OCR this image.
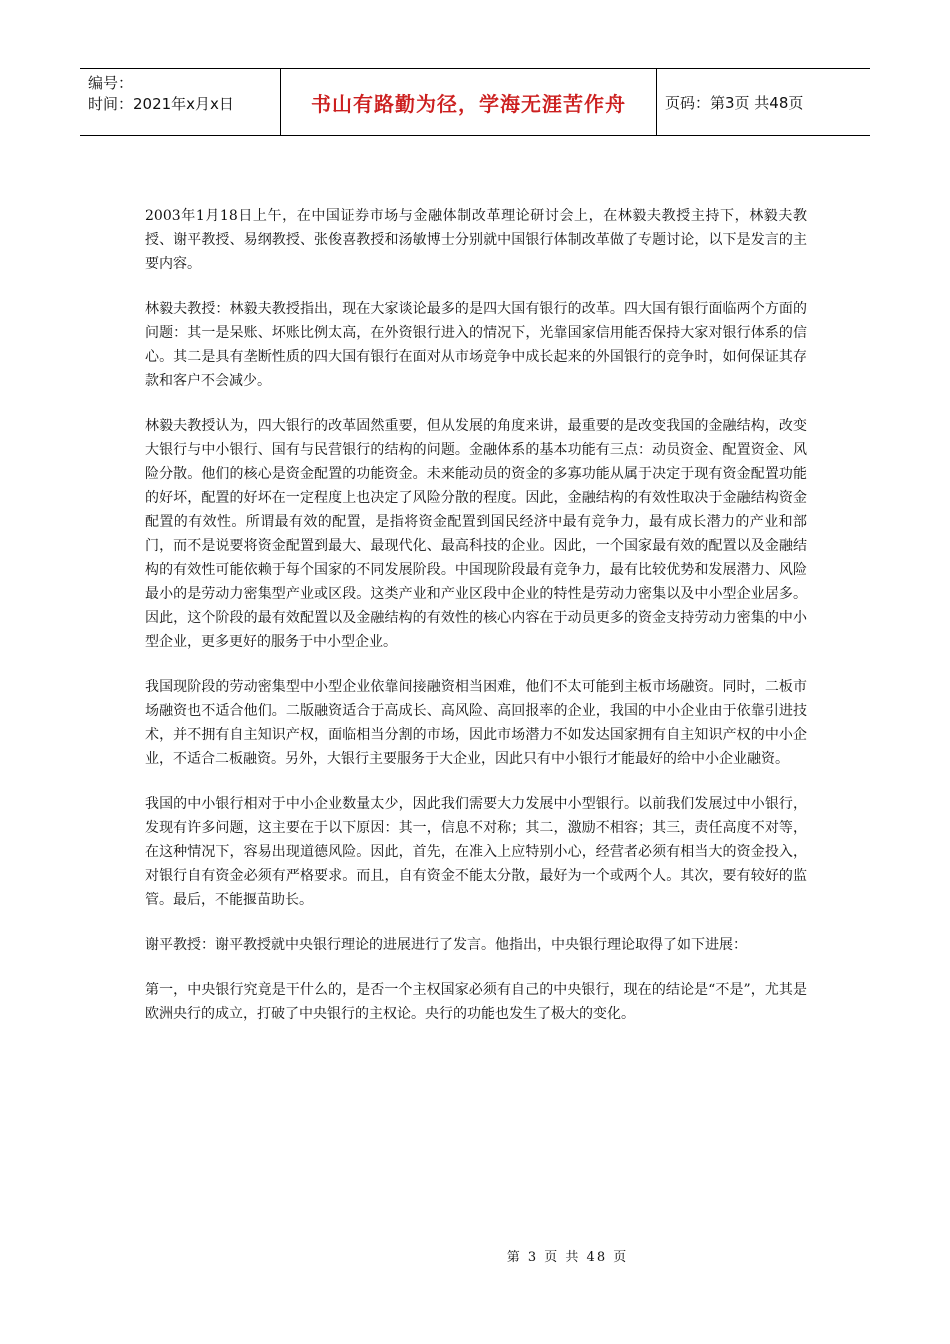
编号：
时间：2021年x月x日	书山有路勤为径，学海无涯苦作舟	页码：第3页 共48页

2003年1月18日上午，在中国证券市场与金融体制改革理论研讨会上，在林毅夫教授主持下，林毅夫教授、谢平教授、易纲教授、张俊喜教授和汤敏博士分别就中国银行体制改革做了专题讨论，以下是发言的主要内容。

林毅夫教授：林毅夫教授指出，现在大家谈论最多的是四大国有银行的改革。四大国有银行面临两个方面的问题：其一是呆账、坏账比例太高，在外资银行进入的情况下，光靠国家信用能否保持大家对银行体系的信心。其二是具有垄断性质的四大国有银行在面对从市场竞争中成长起来的外国银行的竞争时，如何保证其存款和客户不会减少。

林毅夫教授认为，四大银行的改革固然重要，但从发展的角度来讲，最重要的是改变我国的金融结构，改变大银行与中小银行、国有与民营银行的结构的问题。金融体系的基本功能有三点：动员资金、配置资金、风险分散。他们的核心是资金配置的功能资金。未来能动员的资金的多寡功能从属于决定于现有资金配置功能的好坏，配置的好坏在一定程度上也决定了风险分散的程度。因此，金融结构的有效性取决于金融结构资金配置的有效性。所谓最有效的配置，是指将资金配置到国民经济中最有竞争力，最有成长潜力的产业和部门，而不是说要将资金配置到最大、最现代化、最高科技的企业。因此，一个国家最有效的配置以及金融结构的有效性可能依赖于每个国家的不同发展阶段。中国现阶段最有竞争力，最有比较优势和发展潜力、风险最小的是劳动力密集型产业或区段。这类产业和产业区段中企业的特性是劳动力密集以及中小型企业居多。因此，这个阶段的最有效配置以及金融结构的有效性的核心内容在于动员更多的资金支持劳动力密集的中小型企业，更多更好的服务于中小型企业。

我国现阶段的劳动密集型中小型企业依靠间接融资相当困难，他们不太可能到主板市场融资。同时，二板市场融资也不适合他们。二版融资适合于高成长、高风险、高回报率的企业，我国的中小企业由于依靠引进技术，并不拥有自主知识产权，面临相当分割的市场，因此市场潜力不如发达国家拥有自主知识产权的中小企业，不适合二板融资。另外，大银行主要服务于大企业，因此只有中小银行才能最好的给中小企业融资。

我国的中小银行相对于中小企业数量太少，因此我们需要大力发展中小型银行。以前我们发展过中小银行，发现有许多问题，这主要在于以下原因：其一，信息不对称；其二，激励不相容；其三，责任高度不对等，在这种情况下，容易出现道德风险。因此，首先，在准入上应特别小心，经营者必须有相当大的资金投入，对银行自有资金必须有严格要求。而且，自有资金不能太分散，最好为一个或两个人。其次，要有较好的监管。最后，不能揠苗助长。

谢平教授：谢平教授就中央银行理论的进展进行了发言。他指出，中央银行理论取得了如下进展：

第一，中央银行究竟是干什么的，是否一个主权国家必须有自己的中央银行，现在的结论是“不是”，尤其是欧洲央行的成立，打破了中央银行的主权论。央行的功能也发生了极大的变化。

第 3 页 共 48 页
